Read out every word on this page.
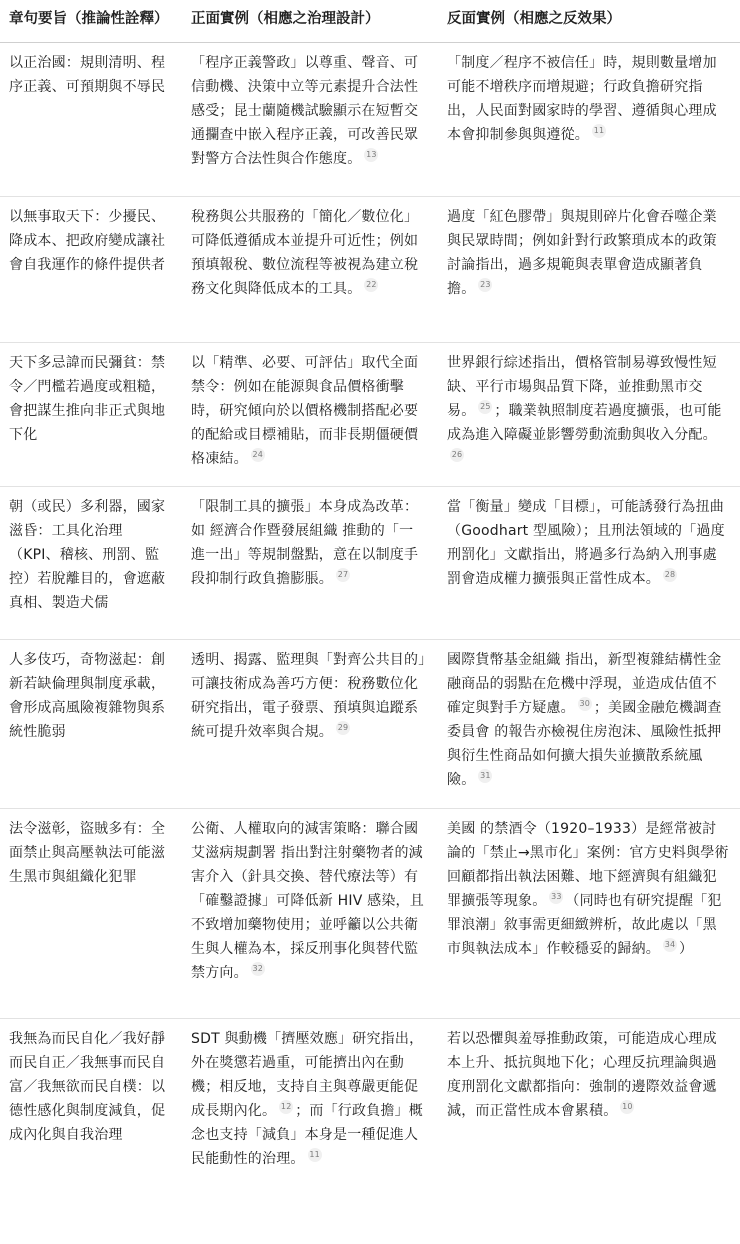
章句要旨（推論性詮釋）	正面實例（相應之治理設計）	反面實例（相應之反效果）
以正治國：規則清明、程序正義、可預期與不辱民	「程序正義警政」以尊重、聲音、可信動機、決策中立等元素提升合法性感受；昆士蘭隨機試驗顯示在短暫交通攔查中嵌入程序正義，可改善民眾對警方合法性與合作態度。 13	「制度／程序不被信任」時，規則數量增加可能不增秩序而增規避；行政負擔研究指出，人民面對國家時的學習、遵循與心理成本會抑制參與與遵從。 11
以無事取天下：少擾民、降成本、把政府變成讓社會自我運作的條件提供者	稅務與公共服務的「簡化／數位化」可降低遵循成本並提升可近性；例如預填報稅、數位流程等被視為建立稅務文化與降低成本的工具。 22	過度「紅色膠帶」與規則碎片化會吞噬企業與民眾時間；例如針對行政繁瑣成本的政策討論指出，過多規範與表單會造成顯著負擔。 23
天下多忌諱而民彌貧：禁令／門檻若過度或粗糙，會把謀生推向非正式與地下化	以「精準、必要、可評估」取代全面禁令：例如在能源與食品價格衝擊時，研究傾向於以價格機制搭配必要的配給或目標補貼，而非長期僵硬價格凍結。 24	世界銀行綜述指出，價格管制易導致慢性短缺、平行市場與品質下降，並推動黑市交易。 25 ；職業執照制度若過度擴張，也可能成為進入障礙並影響勞動流動與收入分配。26
朝（或民）多利器，國家滋昏：工具化治理（KPI、稽核、刑罰、監控）若脫離目的，會遮蔽真相、製造犬儒	「限制工具的擴張」本身成為改革：如 經濟合作暨發展組織 推動的「一進一出」等規制盤點，意在以制度手段抑制行政負擔膨脹。 27	當「衡量」變成「目標」，可能誘發行為扭曲（Goodhart 型風險）；且刑法領域的「過度刑罰化」文獻指出，將過多行為納入刑事處罰會造成權力擴張與正當性成本。 28
人多伎巧，奇物滋起：創新若缺倫理與制度承載，會形成高風險複雜物與系統性脆弱	透明、揭露、監理與「對齊公共目的」可讓技術成為善巧方便：稅務數位化研究指出，電子發票、預填與追蹤系統可提升效率與合規。 29	國際貨幣基金組織 指出，新型複雜結構性金融商品的弱點在危機中浮現，並造成估值不確定與對手方疑慮。 30 ；美國金融危機調查委員會 的報告亦檢視住房泡沫、風險性抵押與衍生性商品如何擴大損失並擴散系統風險。 31
法令滋彰，盜賊多有：全面禁止與高壓執法可能滋生黑市與組織化犯罪	公衛、人權取向的減害策略：聯合國艾滋病規劃署 指出對注射藥物者的減害介入（針具交換、替代療法等）有「確鑿證據」可降低新 HIV 感染，且不致增加藥物使用；並呼籲以公共衛生與人權為本，採反刑事化與替代監禁方向。 32	美國 的禁酒令（1920–1933）是經常被討論的「禁止→黑市化」案例：官方史料與學術回顧都指出執法困難、地下經濟與有組織犯罪擴張等現象。 33 （同時也有研究提醒「犯罪浪潮」敘事需更細緻辨析，故此處以「黑市與執法成本」作較穩妥的歸納。 34 ）
我無為而民自化／我好靜而民自正／我無事而民自富／我無欲而民自樸：以德性感化與制度減負，促成內化與自我治理	SDT 與動機「擠壓效應」研究指出，外在獎懲若過重，可能擠出內在動機；相反地，支持自主與尊嚴更能促成長期內化。 12 ；而「行政負擔」概念也支持「減負」本身是一種促進人民能動性的治理。 11	若以恐懼與羞辱推動政策，可能造成心理成本上升、抵抗與地下化；心理反抗理論與過度刑罰化文獻都指向：強制的邊際效益會遞減，而正當性成本會累積。 10
